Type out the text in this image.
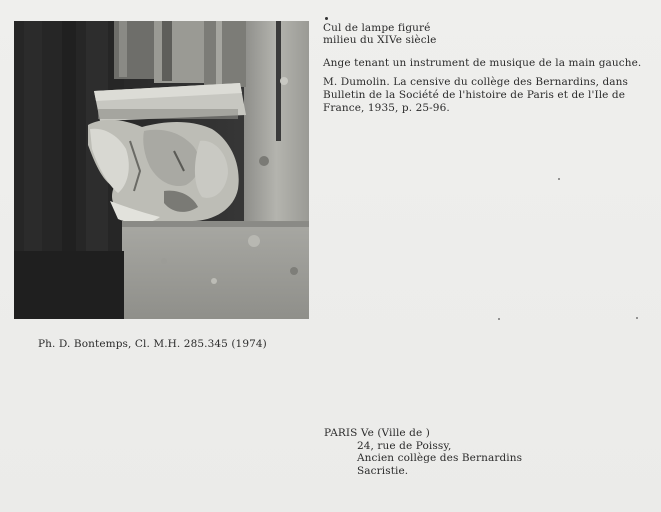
Cul de lampe figuré
milieu du XIVe siècle
Ange tenant un instrument de musique de la main gauche.
M. Dumolin. La censive du collège des Bernardins, dans
Bulletin de la Société de l'histoire de Paris et de l'Ile de
France, 1935, p. 25-96.
Ph. D. Bontemps, Cl. M.H. 285.345 (1974)
PARIS Ve (Ville de )
24, rue de Poissy,
Ancien collège des Bernardins
Sacristie.
